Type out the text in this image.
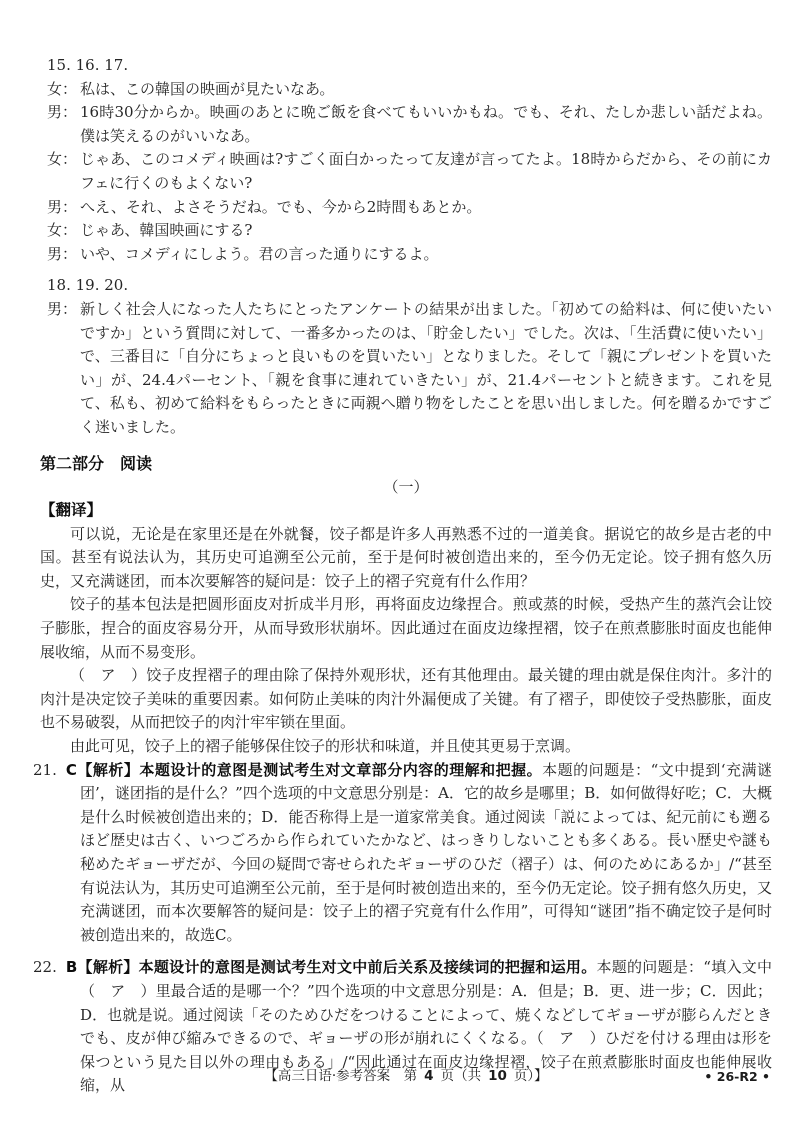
15. 16. 17.
女： 私は、この韓国の映画が見たいなあ。
男： 16時30分からか。映画のあとに晩ご飯を食べてもいいかもね。でも、それ、たしか悲しい話だよね。僕は笑えるのがいいなあ。
女： じゃあ、このコメディ映画は?すごく面白かったって友達が言ってたよ。18時からだから、その前にカフェに行くのもよくない?
男： へえ、それ、よさそうだね。でも、今から2時間もあとか。
女： じゃあ、韓国映画にする?
男： いや、コメディにしよう。君の言った通りにするよ。
18. 19. 20.
男： 新しく社会人になった人たちにとったアンケートの結果が出ました。「初めての給料は、何に使いたいですか」という質問に対して、一番多かったのは、「貯金したい」でした。次は、「生活費に使いたい」で、三番目に「自分にちょっと良いものを買いたい」となりました。そして「親にプレゼントを買いたい」が、24.4パーセント、「親を食事に連れていきたい」が、21.4パーセントと続きます。これを見て、私も、初めて給料をもらったときに両親へ贈り物をしたことを思い出しました。何を贈るかですごく迷いました。
第二部分　阅读
（一）
【翻译】

可以说，无论是在家里还是在外就餐，饺子都是许多人再熟悉不过的一道美食。据说它的故乡是古老的中国。甚至有说法认为，其历史可追溯至公元前，至于是何时被创造出来的，至今仍无定论。饺子拥有悠久历史，又充满谜团，而本次要解答的疑问是：饺子上的褶子究竟有什么作用？

饺子的基本包法是把圆形面皮对折成半月形，再将面皮边缘捏合。煎或蒸的时候，受热产生的蒸汽会让饺子膨胀，捏合的面皮容易分开，从而导致形状崩坏。因此通过在面皮边缘捏褶，饺子在煎煮膨胀时面皮也能伸展收缩，从而不易变形。

（　ア　）饺子皮捏褶子的理由除了保持外观形状，还有其他理由。最关键的理由就是保住肉汁。多汁的肉汁是决定饺子美味的重要因素。如何防止美味的肉汁外漏便成了关键。有了褶子，即使饺子受热膨胀，面皮也不易破裂，从而把饺子的肉汁牢牢锁在里面。

由此可见，饺子上的褶子能够保住饺子的形状和味道，并且使其更易于烹调。

21. C【解析】本题设计的意图是测试考生对文章部分内容的理解和把握。本题的问题是：“文中提到‘充满谜团’，谜团指的是什么？”四个选项的中文意思分别是：A．它的故乡是哪里；B．如何做得好吃；C．大概是什么时候被创造出来的；D．能否称得上是一道家常美食。通过阅读「説によっては、紀元前にも遡るほど歴史は古く、いつごろから作られていたかなど、はっきりしないことも多くある。長い歴史や謎も秘めたギョーザだが、今回の疑問で寄せられたギョーザのひだ（褶子）は、何のためにあるか」/“甚至有说法认为，其历史可追溯至公元前，至于是何时被创造出来的，至今仍无定论。饺子拥有悠久历史，又充满谜团，而本次要解答的疑问是：饺子上的褶子究竟有什么作用”，可得知“谜团”指不确定饺子是何时被创造出来的，故选C。
22. B【解析】本题设计的意图是测试考生对文中前后关系及接续词的把握和运用。本题的问题是：“填入文中（　ア　）里最合适的是哪一个？”四个选项的中文意思分别是：A．但是；B．更、进一步；C．因此；D．也就是说。通过阅读「そのためひだをつけることによって、焼くなどしてギョーザが膨らんだときでも、皮が伸び縮みできるので、ギョーザの形が崩れにくくなる。（　ア　）ひだを付ける理由は形を保つという見た目以外の理由もある」/“因此通过在面皮边缘捏褶，饺子在煎煮膨胀时面皮也能伸展收缩，从
【高三日语·参考答案　第 4 页（共 10 页）】	• 26-R2 •
